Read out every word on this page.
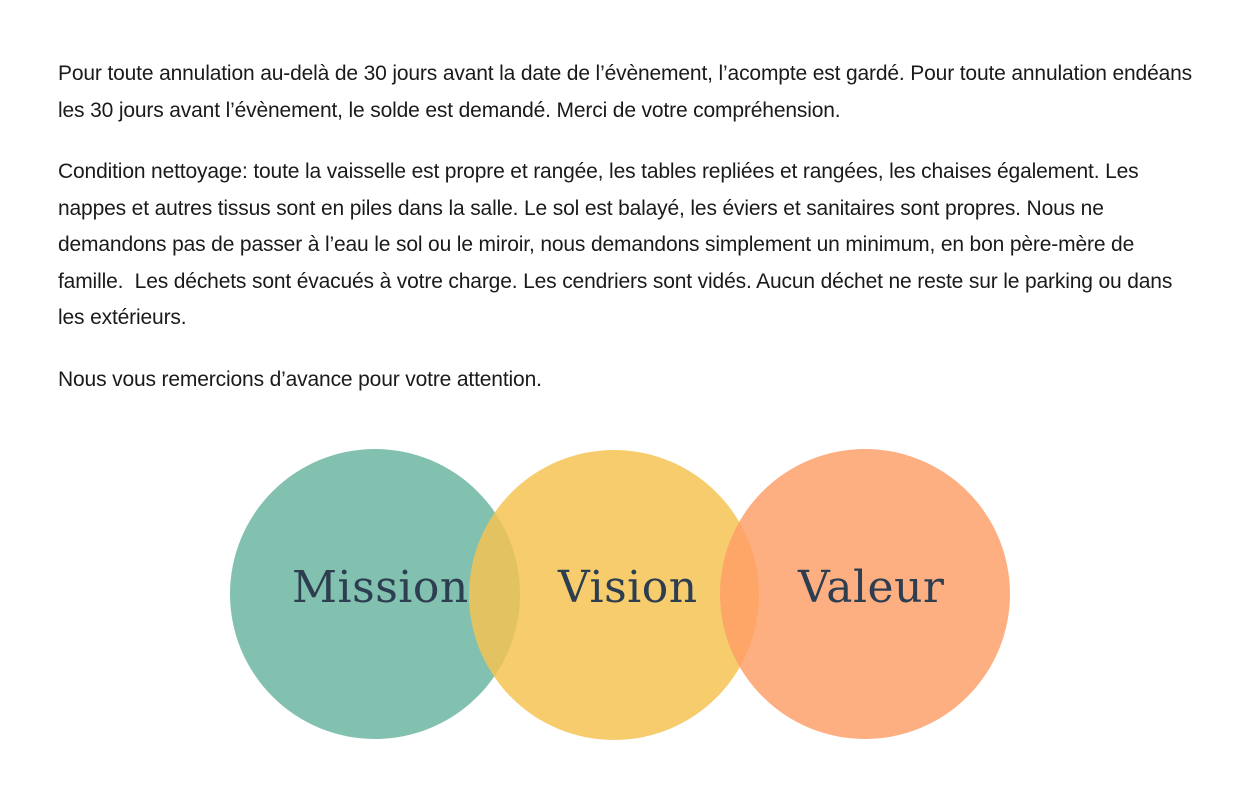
Pour toute annulation au-delà de 30 jours avant la date de l’évènement, l’acompte est gardé. Pour toute annulation endéans les 30 jours avant l’évènement, le solde est demandé. Merci de votre compréhension.

Condition nettoyage: toute la vaisselle est propre et rangée, les tables repliées et rangées, les chaises également. Les nappes et autres tissus sont en piles dans la salle. Le sol est balayé, les éviers et sanitaires sont propres. Nous ne demandons pas de passer à l’eau le sol ou le miroir, nous demandons simplement un minimum, en bon père-mère de famille.  Les déchets sont évacués à votre charge. Les cendriers sont vidés. Aucun déchet ne reste sur le parking ou dans les extérieurs.

Nous vous remercions d’avance pour votre attention.

Mission Vision Valeur
